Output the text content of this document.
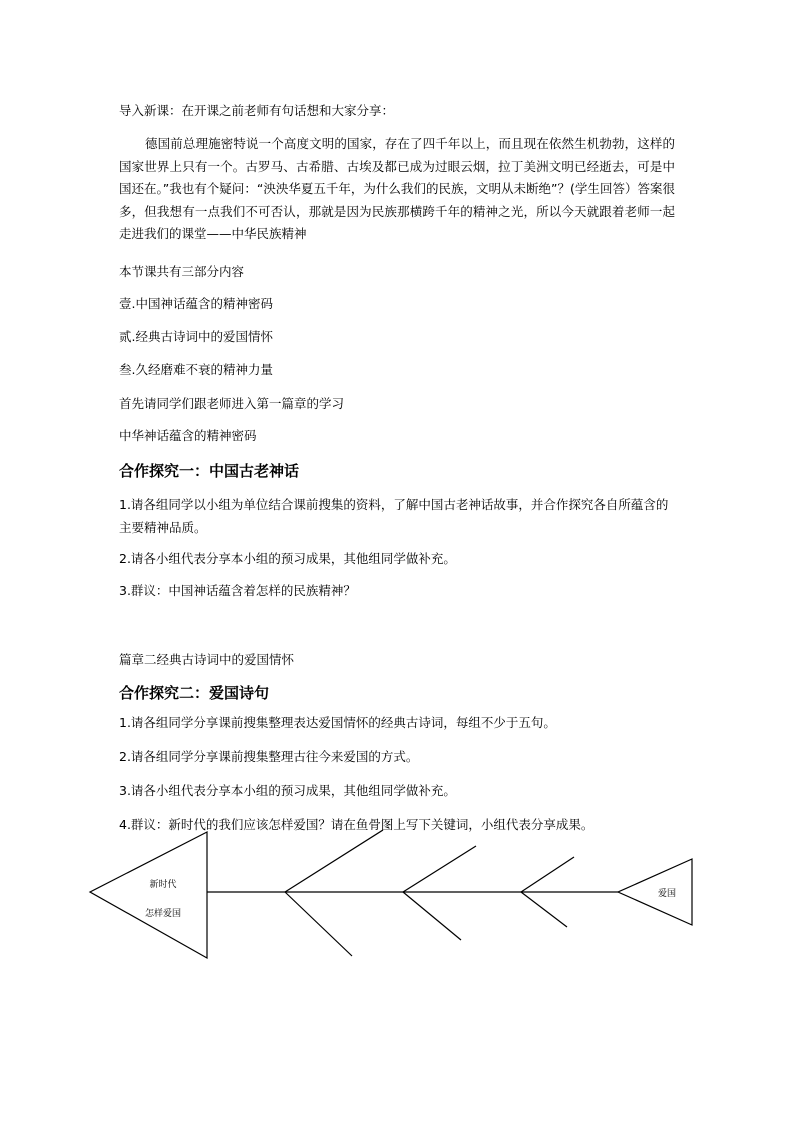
导入新课：在开课之前老师有句话想和大家分享：
德国前总理施密特说一个高度文明的国家，存在了四千年以上，而且现在依然生机勃勃，这样的国家世界上只有一个。古罗马、古希腊、古埃及都已成为过眼云烟，拉丁美洲文明已经逝去，可是中国还在。”我也有个疑问：“泱泱华夏五千年，为什么我们的民族，文明从未断绝”？(学生回答）答案很多，但我想有一点我们不可否认，那就是因为民族那横跨千年的精神之光，所以今天就跟着老师一起走进我们的课堂——中华民族精神
本节课共有三部分内容
壹.中国神话蕴含的精神密码
贰.经典古诗词中的爱国情怀
叁.久经磨难不衰的精神力量
首先请同学们跟老师进入第一篇章的学习
中华神话蕴含的精神密码
合作探究一：中国古老神话
1.请各组同学以小组为单位结合课前搜集的资料，了解中国古老神话故事，并合作探究各自所蕴含的主要精神品质。
2.请各小组代表分享本小组的预习成果，其他组同学做补充。
3.群议：中国神话蕴含着怎样的民族精神？
篇章二经典古诗词中的爱国情怀
合作探究二：爱国诗句
1.请各组同学分享课前搜集整理表达爱国情怀的经典古诗词，每组不少于五句。
2.请各组同学分享课前搜集整理古往今来爱国的方式。
3.请各小组代表分享本小组的预习成果，其他组同学做补充。
4.群议：新时代的我们应该怎样爱国？请在鱼骨图上写下关键词，小组代表分享成果。
新时代
怎样爱国
爱国
